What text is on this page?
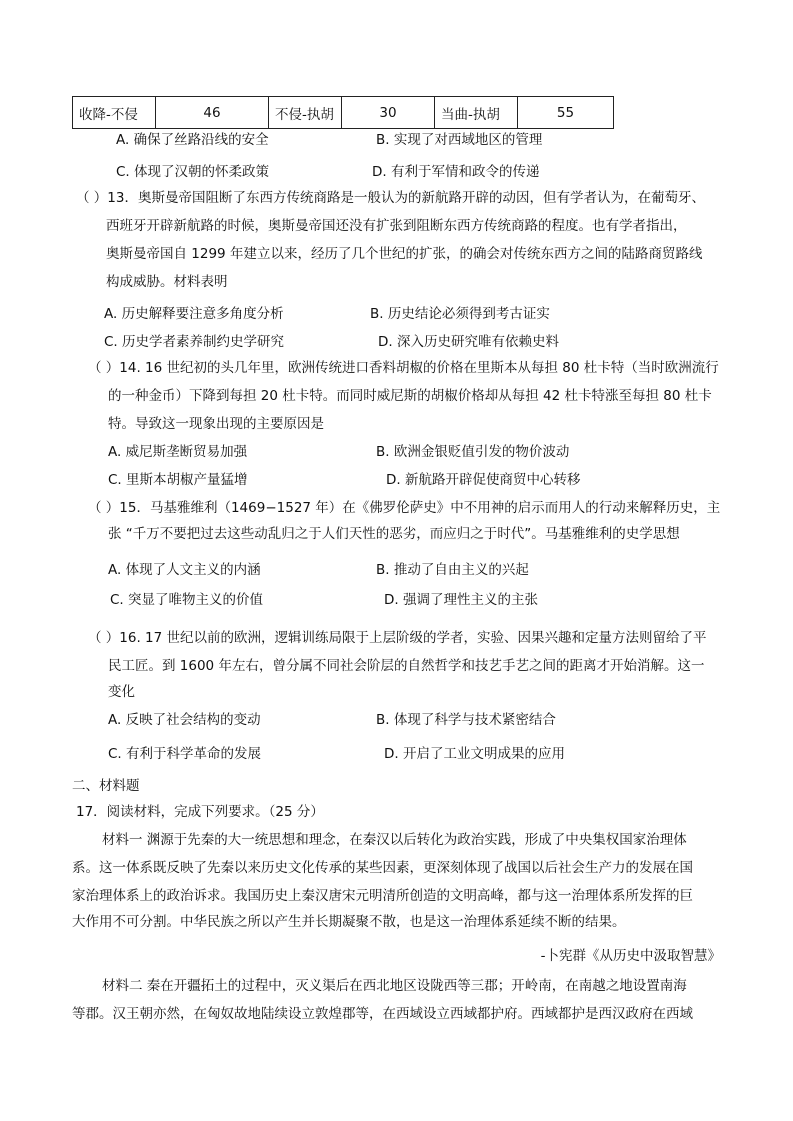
收降-不侵	46	不侵-执胡	30	当曲-执胡	55
A. 确保了丝路沿线的安全	B. 实现了对西域地区的管理
C. 体现了汉朝的怀柔政策	D. 有利于军情和政令的传递
（ ）13．奥斯曼帝国阻断了东西方传统商路是一般认为的新航路开辟的动因，但有学者认为，在葡萄牙、
西班牙开辟新航路的时候，奥斯曼帝国还没有扩张到阻断东西方传统商路的程度。也有学者指出，
奥斯曼帝国自 1299 年建立以来，经历了几个世纪的扩张，的确会对传统东西方之间的陆路商贸路线
构成威胁。材料表明
A. 历史解释要注意多角度分析	B. 历史结论必须得到考古证实
C. 历史学者素养制约史学研究	D. 深入历史研究唯有依赖史料
（ ）14. 16 世纪初的头几年里，欧洲传统进口香料胡椒的价格在里斯本从每担 80 杜卡特（当时欧洲流行
的一种金币）下降到每担 20 杜卡特。而同时威尼斯的胡椒价格却从每担 42 杜卡特涨至每担 80 杜卡
特。导致这一现象出现的主要原因是
A. 威尼斯垄断贸易加强	B. 欧洲金银贬值引发的物价波动
C. 里斯本胡椒产量猛增	D. 新航路开辟促使商贸中心转移
（ ）15．马基雅维利（1469−1527 年）在《佛罗伦萨史》中不用神的启示而用人的行动来解释历史，主
张 “千万不要把过去这些动乱归之于人们天性的恶劣，而应归之于时代”。马基雅维利的史学思想
A. 体现了人文主义的内涵	B. 推动了自由主义的兴起
C. 突显了唯物主义的价值	D. 强调了理性主义的主张
（ ）16. 17 世纪以前的欧洲，逻辑训练局限于上层阶级的学者，实验、因果兴趣和定量方法则留给了平
民工匠。到 1600 年左右，曾分属不同社会阶层的自然哲学和技艺手艺之间的距离才开始消解。这一
变化
A. 反映了社会结构的变动	B. 体现了科学与技术紧密结合
C. 有利于科学革命的发展	D. 开启了工业文明成果的应用
二、材料题
17．阅读材料，完成下列要求。（25 分）
材料一 渊源于先秦的大一统思想和理念，在秦汉以后转化为政治实践，形成了中央集权国家治理体
系。这一体系既反映了先秦以来历史文化传承的某些因素，更深刻体现了战国以后社会生产力的发展在国
家治理体系上的政治诉求。我国历史上秦汉唐宋元明清所创造的文明高峰，都与这一治理体系所发挥的巨
大作用不可分割。中华民族之所以产生并长期凝聚不散，也是这一治理体系延续不断的结果。
-卜宪群《从历史中汲取智慧》
材料二 秦在开疆拓土的过程中，灭义渠后在西北地区设陇西等三郡；开岭南，在南越之地设置南海
等郡。汉王朝亦然，在匈奴故地陆续设立敦煌郡等，在西域设立西域都护府。西域都护是西汉政府在西域
